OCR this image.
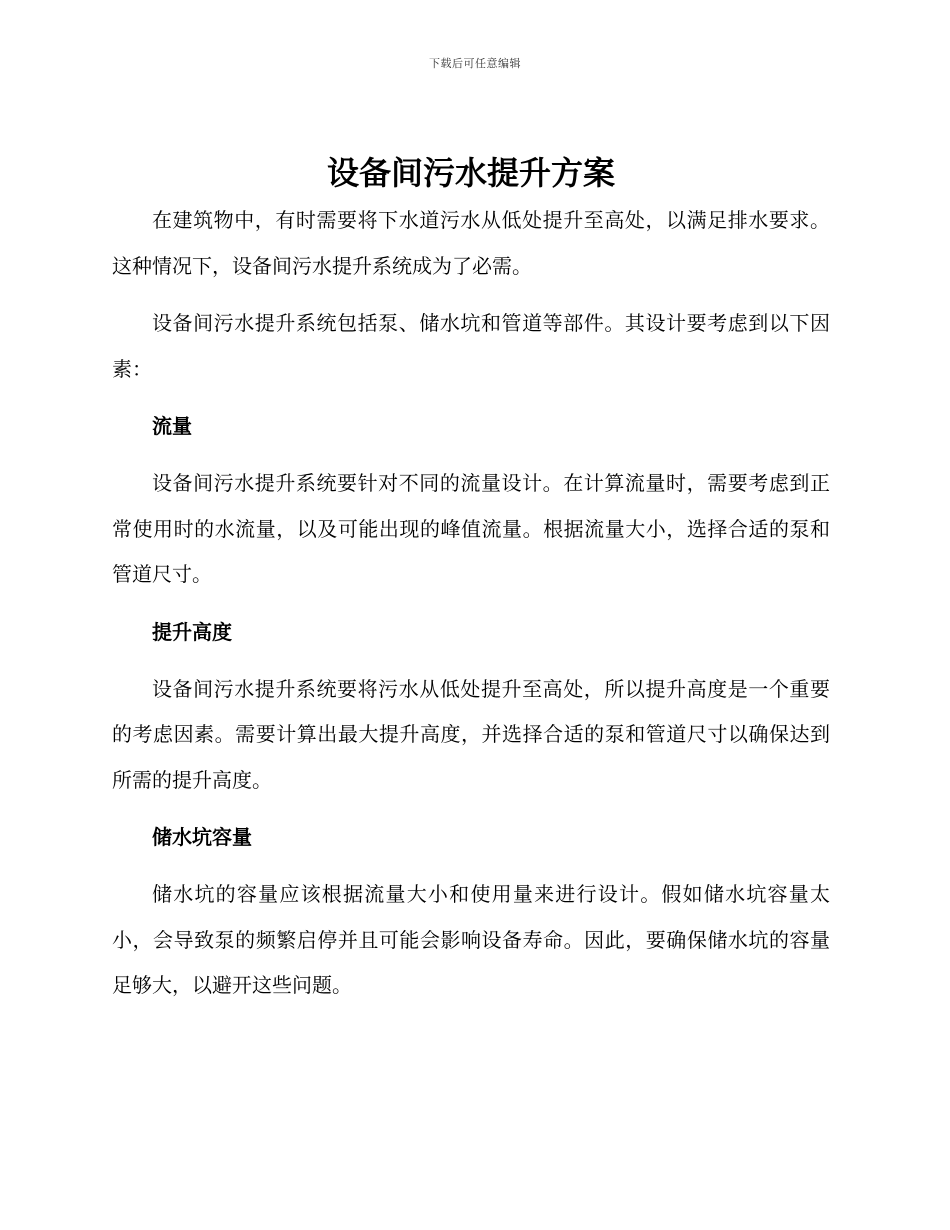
下载后可任意编辑
设备间污水提升方案

在建筑物中，有时需要将下水道污水从低处提升至高处，以满足排水要求。这种情况下，设备间污水提升系统成为了必需。

设备间污水提升系统包括泵、储水坑和管道等部件。其设计要考虑到以下因素：

流量

设备间污水提升系统要针对不同的流量设计。在计算流量时，需要考虑到正常使用时的水流量，以及可能出现的峰值流量。根据流量大小，选择合适的泵和管道尺寸。

提升高度

设备间污水提升系统要将污水从低处提升至高处，所以提升高度是一个重要的考虑因素。需要计算出最大提升高度，并选择合适的泵和管道尺寸以确保达到所需的提升高度。

储水坑容量

储水坑的容量应该根据流量大小和使用量来进行设计。假如储水坑容量太小，会导致泵的频繁启停并且可能会影响设备寿命。因此，要确保储水坑的容量足够大，以避开这些问题。
